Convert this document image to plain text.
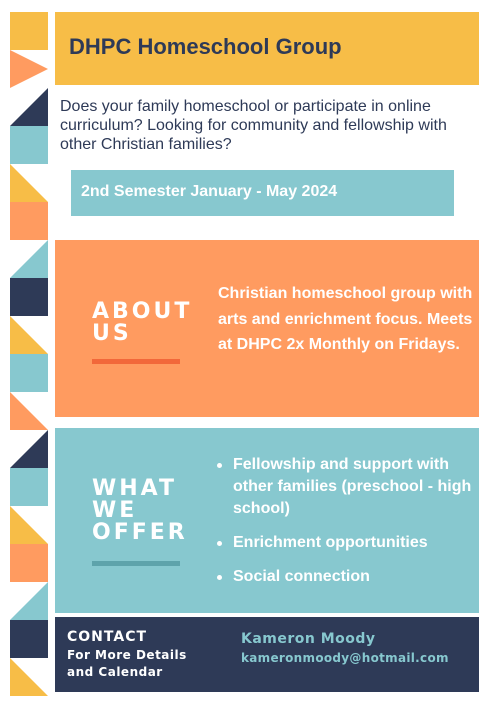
DHPC Homeschool Group
Does your family homeschool or participate in online curriculum? Looking for community and fellowship with other Christian families?
2nd Semester January - May 2024
ABOUT
US
Christian homeschool group with arts and enrichment focus. Meets at DHPC 2x Monthly on Fridays.
WHAT
WE
OFFER
Fellowship and support with other families (preschool - high school)
Enrichment opportunities
Social connection
CONTACT
For More Details and Calendar
Kameron Moody
kameronmoody@hotmail.com
